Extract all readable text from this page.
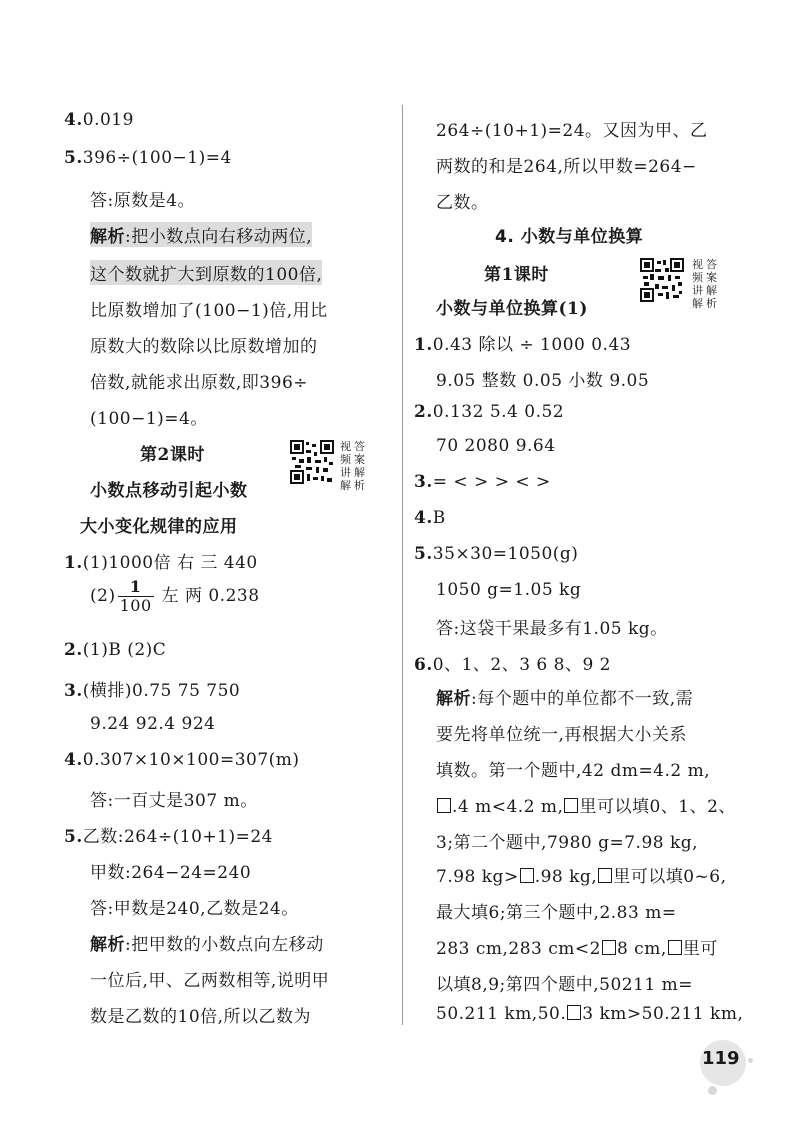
4.0.019
5.396÷(100−1)=4
答:原数是4。
解析:把小数点向右移动两位,
这个数就扩大到原数的100倍,
比原数增加了(100−1)倍,用比
原数大的数除以比原数增加的
倍数,就能求出原数,即396÷
(100−1)=4。
第2课时
小数点移动引起小数
大小变化规律的应用
视
频
讲
解
答
案
解
析
1.(1)1000倍 右 三 440
$(2) \frac{1}{100}$ 左 两 0.238
2.(1)B (2)C
3.(横排)0.75 75 750
9.24 92.4 924
4.0.307×10×100=307(m)
答:一百丈是307 m。
5.乙数:264÷(10+1)=24
甲数:264−24=240
答:甲数是240,乙数是24。
解析:把甲数的小数点向左移动
一位后,甲、乙两数相等,说明甲
数是乙数的10倍,所以乙数为
264÷(10+1)=24。又因为甲、乙
两数的和是264,所以甲数=264−
乙数。
4. 小数与单位换算
第1课时
小数与单位换算(1)
视
频
讲
解
答
案
解
析
1.0.43 除以 ÷ 1000 0.43
9.05 整数 0.05 小数 9.05
2.0.132 5.4 0.52
70 2080 9.64
3.= < > > < >
4.B
5.35×30=1050(g)
1050 g=1.05 kg
答:这袋干果最多有1.05 kg。
6.0、1、2、3 6 8、9 2
解析:每个题中的单位都不一致,需
要先将单位统一,再根据大小关系
填数。第一个题中,42 dm=4.2 m,
.4 m<4.2 m, 里可以填0、1、2、
3;第二个题中,7980 g=7.98 kg,
7.98 kg> .98 kg, 里可以填0~6,
最大填6;第三个题中,2.83 m=
283 cm,283 cm<2 8 cm, 里可
以填8,9;第四个题中,50211 m=
50.211 km,50. 3 km>50.211 km,
119
